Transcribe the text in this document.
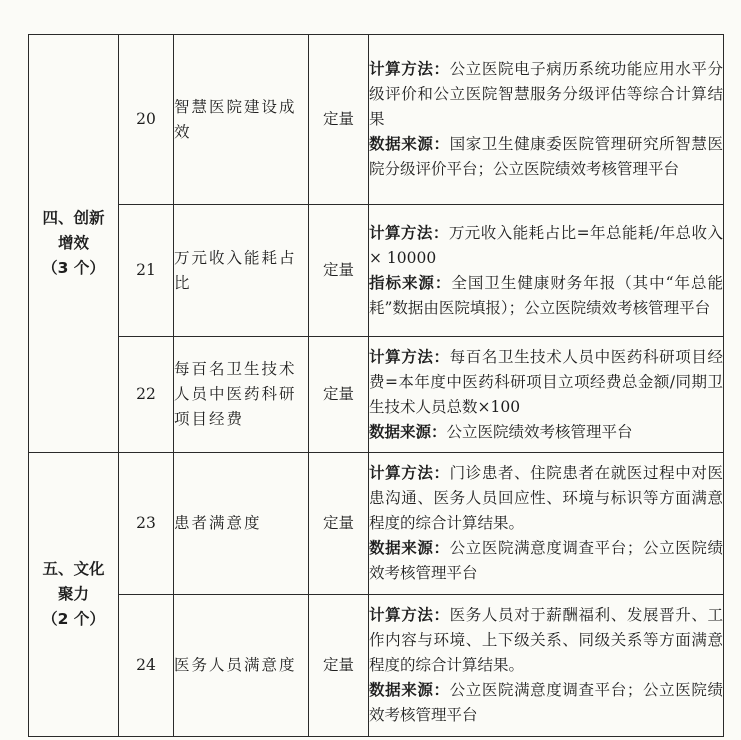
四、创新
增效
（3 个）	20	智慧医院建设成效	定量	计算方法：公立医院电子病历系统功能应用水平分级评价和公立医院智慧服务分级评估等综合计算结果
数据来源：国家卫生健康委医院管理研究所智慧医院分级评价平台；公立医院绩效考核管理平台
	21	万元收入能耗占比	定量	计算方法：万元收入能耗占比=年总能耗/年总收入 × 10000
指标来源：全国卫生健康财务年报（其中“年总能耗”数据由医院填报）；公立医院绩效考核管理平台
	22	每百名卫生技术人员中医药科研项目经费	定量	计算方法：每百名卫生技术人员中医药科研项目经费=本年度中医药科研项目立项经费总金额/同期卫生技术人员总数×100
数据来源：公立医院绩效考核管理平台

五、文化
聚力
（2 个）	23	患者满意度	定量	计算方法：门诊患者、住院患者在就医过程中对医患沟通、医务人员回应性、环境与标识等方面满意程度的综合计算结果。
数据来源：公立医院满意度调查平台；公立医院绩效考核管理平台
	24	医务人员满意度	定量	计算方法：医务人员对于薪酬福利、发展晋升、工作内容与环境、上下级关系、同级关系等方面满意程度的综合计算结果。
数据来源：公立医院满意度调查平台；公立医院绩效考核管理平台
